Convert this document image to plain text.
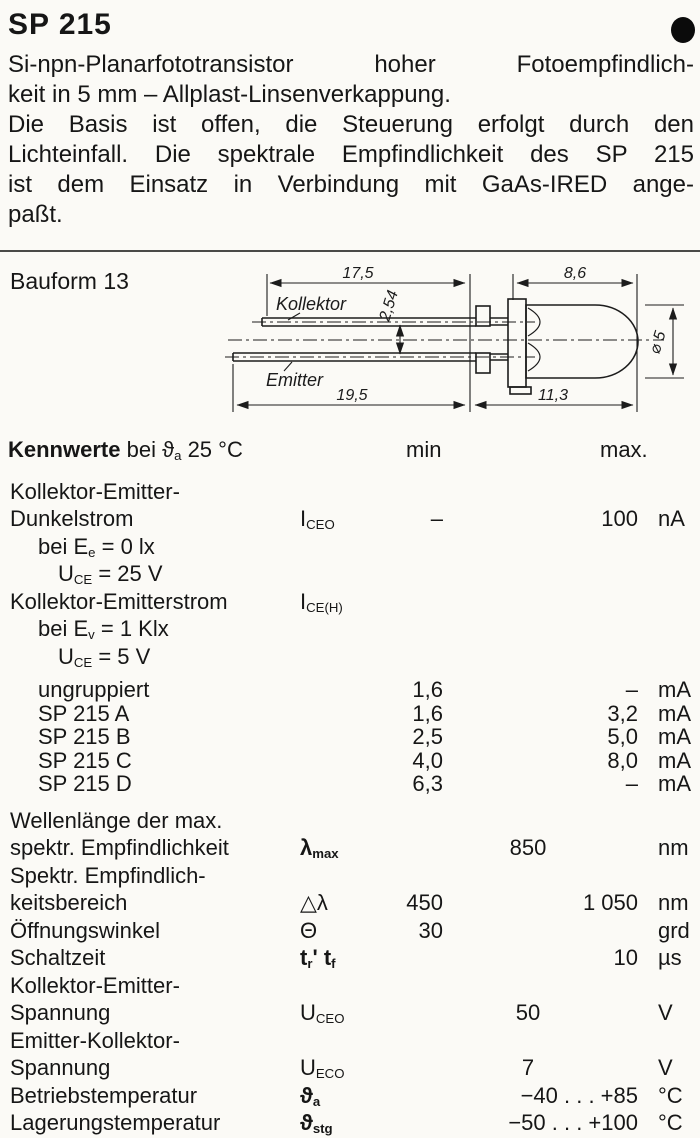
SP 215
Si-npn-Planarfototransistor hoher Fotoempfindlich-
keit in 5 mm – Allplast-Linsenverkappung.
Die Basis ist offen, die Steuerung erfolgt durch den
Lichteinfall. Die spektrale Empfindlichkeit des SP 215
ist dem Einsatz in Verbindung mit GaAs-IRED ange-
paßt.
Bauform 13	17,5	8,6
19,5	11,3
2,54
⌀ 5
Kollektor
Emitter
Kennwerte bei $ϑ_a$ 25 °C	min	max.
Kollektor-Emitter-
Dunkelstrom	$I_{CEO}$	–	100 nA
bei $E_e = 0$ lx
$U_{CE} = 25$ V
Kollektor-Emitterstrom	$I_{CE(H)}$
bei $E_v = 1$ Klx
$U_{CE} = 5$ V
ungruppiert	1,6	– mA
SP 215 A	1,6	3,2 mA
SP 215 B	2,5	5,0 mA
SP 215 C	4,0	8,0 mA
SP 215 D	6,3	– mA
Wellenlänge der max.
spektr. Empfindlichkeit	$\lambda_{max}$	850	nm
Spektr. Empfindlich-
keitsbereich	△λ	450	1 050 nm
Öffnungswinkel	Θ	30	grd
Schaltzeit	$t_r'$ $t_f$	10 µs
Kollektor-Emitter-
Spannung	$U_{CEO}$	50	V
Emitter-Kollektor-
Spannung	$U_{ECO}$	7	V
Betriebstemperatur	$ϑ_a$	−40 . . . +85 °C
Lagerungstemperatur	$ϑ_{stg}$	−50 . . . +100 °C
